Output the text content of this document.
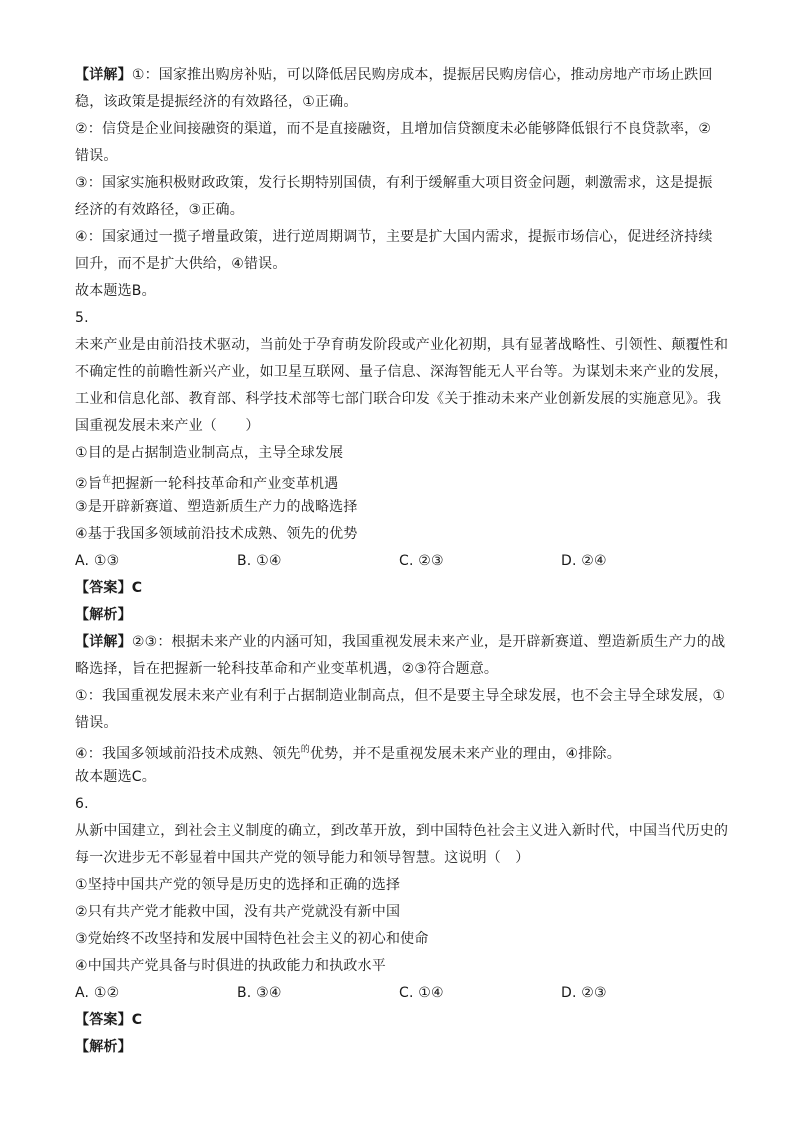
【详解】①：国家推出购房补贴，可以降低居民购房成本，提振居民购房信心，推动房地产市场止跌回
稳，该政策是提振经济的有效路径，①正确。
②：信贷是企业间接融资的渠道，而不是直接融资，且增加信贷额度未必能够降低银行不良贷款率，②
错误。
③：国家实施积极财政政策，发行长期特别国债，有利于缓解重大项目资金问题，刺激需求，这是提振
经济的有效路径，③正确。
④：国家通过一揽子增量政策，进行逆周期调节，主要是扩大国内需求，提振市场信心，促进经济持续
回升，而不是扩大供给，④错误。
故本题选B。
5.
未来产业是由前沿技术驱动，当前处于孕育萌发阶段或产业化初期，具有显著战略性、引领性、颠覆性和
不确定性的前瞻性新兴产业，如卫星互联网、量子信息、深海智能无人平台等。为谋划未来产业的发展，
工业和信息化部、教育部、科学技术部等七部门联合印发《关于推动未来产业创新发展的实施意见》。我
国重视发展未来产业（　　）
①目的是占据制造业制高点，主导全球发展
②旨$^在$把握新一轮科技革命和产业变革机遇
③是开辟新赛道、塑造新质生产力的战略选择
④基于我国多领域前沿技术成熟、领先的优势
A. ①③	B. ①④	C. ②③	D. ②④
【答案】C
【解析】
【详解】②③：根据未来产业的内涵可知，我国重视发展未来产业，是开辟新赛道、塑造新质生产力的战
略选择，旨在把握新一轮科技革命和产业变革机遇，②③符合题意。
①：我国重视发展未来产业有利于占据制造业制高点，但不是要主导全球发展，也不会主导全球发展，①
错误。
④：我国多领域前沿技术成熟、领先$^的$优势，并不是重视发展未来产业的理由，④排除。
故本题选C。
6.
从新中国建立，到社会主义制度的确立，到改革开放，到中国特色社会主义进入新时代，中国当代历史的
每一次进步无不彰显着中国共产党的领导能力和领导智慧。这说明（　）
①坚持中国共产党的领导是历史的选择和正确的选择
②只有共产党才能救中国，没有共产党就没有新中国
③党始终不改坚持和发展中国特色社会主义的初心和使命
④中国共产党具备与时俱进的执政能力和执政水平
A. ①②	B. ③④	C. ①④	D. ②③
【答案】C
【解析】
